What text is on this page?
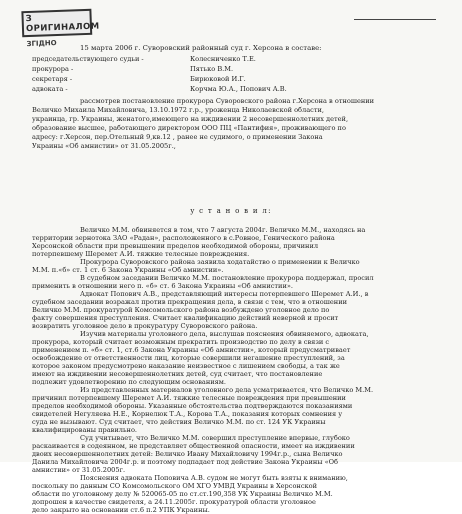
З ОРИГИНАЛОМ
ЗГІДНО	15 марта 2006 г. Суворовский районный суд г. Херсона в составе:
председательствующего судьи -	Колесниченко Т.Е.
прокурора -	Пятько В.М.
секретаря -	Бирюковой И.Г.
адвоката -	Корчма Ю.А., Попович А.В.
рассмотрев постановление прокурора Суворовского района г.Херсона в отношении
Величко Михаила Михайловича, 13.10.1972 г.р., уроженца Николаевской области,
украинца, гр. Украины, женатого,имеющего на иждивении 2 несовершеннолетних детей,
образование высшее, работающего директором ООО ПЦ «Пантифия», проживающего по
адресу: г.Херсон, пер.Отельный 9,кв.12 , ранее не судимого, о применении Закона
Украины «Об амнистии» от 31.05.2005г.,
у с т а н о в и л:
Величко М.М. обвиняется в том, что 7 августа 2004г. Величко М.М., находясь на
территории зернотока ЗАО «Радан», расположенного в с.Ровное, Генического района
Херсонской области при превышении пределов необходимой обороны, причинил
потерпевшему Шеремет А.И. тяжкие телесные повреждения.
Прокурора Суворовского района заявила ходатайство о применении к Величко
М.М. п.«б» ст. 1 ст. 6 Закона Украины «Об амнистии».
В судебном заседании Величко М.М. постановление прокурора поддержал, просил
применить в отношении него п. «б» ст. 6 Закона Украины «Об амнистии».
Адвокат Попович А.В., представляющий интересы потерпевшего Шеремет А.И., в
судебном заседании возражал против прекращения дела, в связи с тем, что в отношении
Величко М.М. прокуратурой Комсомольского района возбуждено уголовное дело по
факту совершения преступления. Считает квалификацию действий неверной и просит
возвратить уголовное дело в прокуратуру Суворовского района.
Изучив материалы уголовного дела, выслушав пояснения обвиняемого, адвоката,
прокурора, который считает возможным прекратить производство по делу в связи с
применением п. «б» ст. 1, ст.6 Закона Украины «Об амнистии», который предусматривает
освобождение от ответственности лиц, которые совершили негашение преступлений, за
которое законом предусмотрено наказание неизвестное с лишением свободы, а так же
имеют на иждивении несовершеннолетних детей, суд считает, что постановление
подлежит удовлетворению по следующим основаниям.
Из представленных материалов уголовного дела усматривается, что Величко М.М.
причинил потерпевшему Шеремет А.И. тяжкие телесные повреждения при превышении
пределов необходимой обороны. Указанные обстоятельства подтверждаются показаниями
свидетелей Негуляева Н.Е., Корнелюк Т.А., Корова Т.А., показания которых сомнения у
суда не вызывают. Суд считает, что действия Величко М.М. по ст. 124 УК Украины
квалифицированы правильно.
Суд учитывает, что Величко М.М. совершил преступление впервые, глубоко
раскаивается в содеянном, не представляет общественной опасности, имеет на иждивении
двоих несовершеннолетних детей: Величко Ивану Михайловичу 1994г.р., сына Величко
Данила Михайловича 2004г.р. и поэтому подпадает под действие Закона Украины «Об
амнистии» от 31.05.2005г.
Пояснения адвоката Поповича А.В. судом не могут быть взяты к вниманию,
поскольку по данным СО Комсомольского ОМ ХГО УМВД Украины в Херсонской
области по уголовному делу № 520065-05 по ст.ст.190,358 УК Украины Величко М.М.
допрошен в качестве свидетеля, а 24.11.2005г. прокуратурой области уголовное
дело закрыто на основании ст.6 п.2 УПК Украины.
